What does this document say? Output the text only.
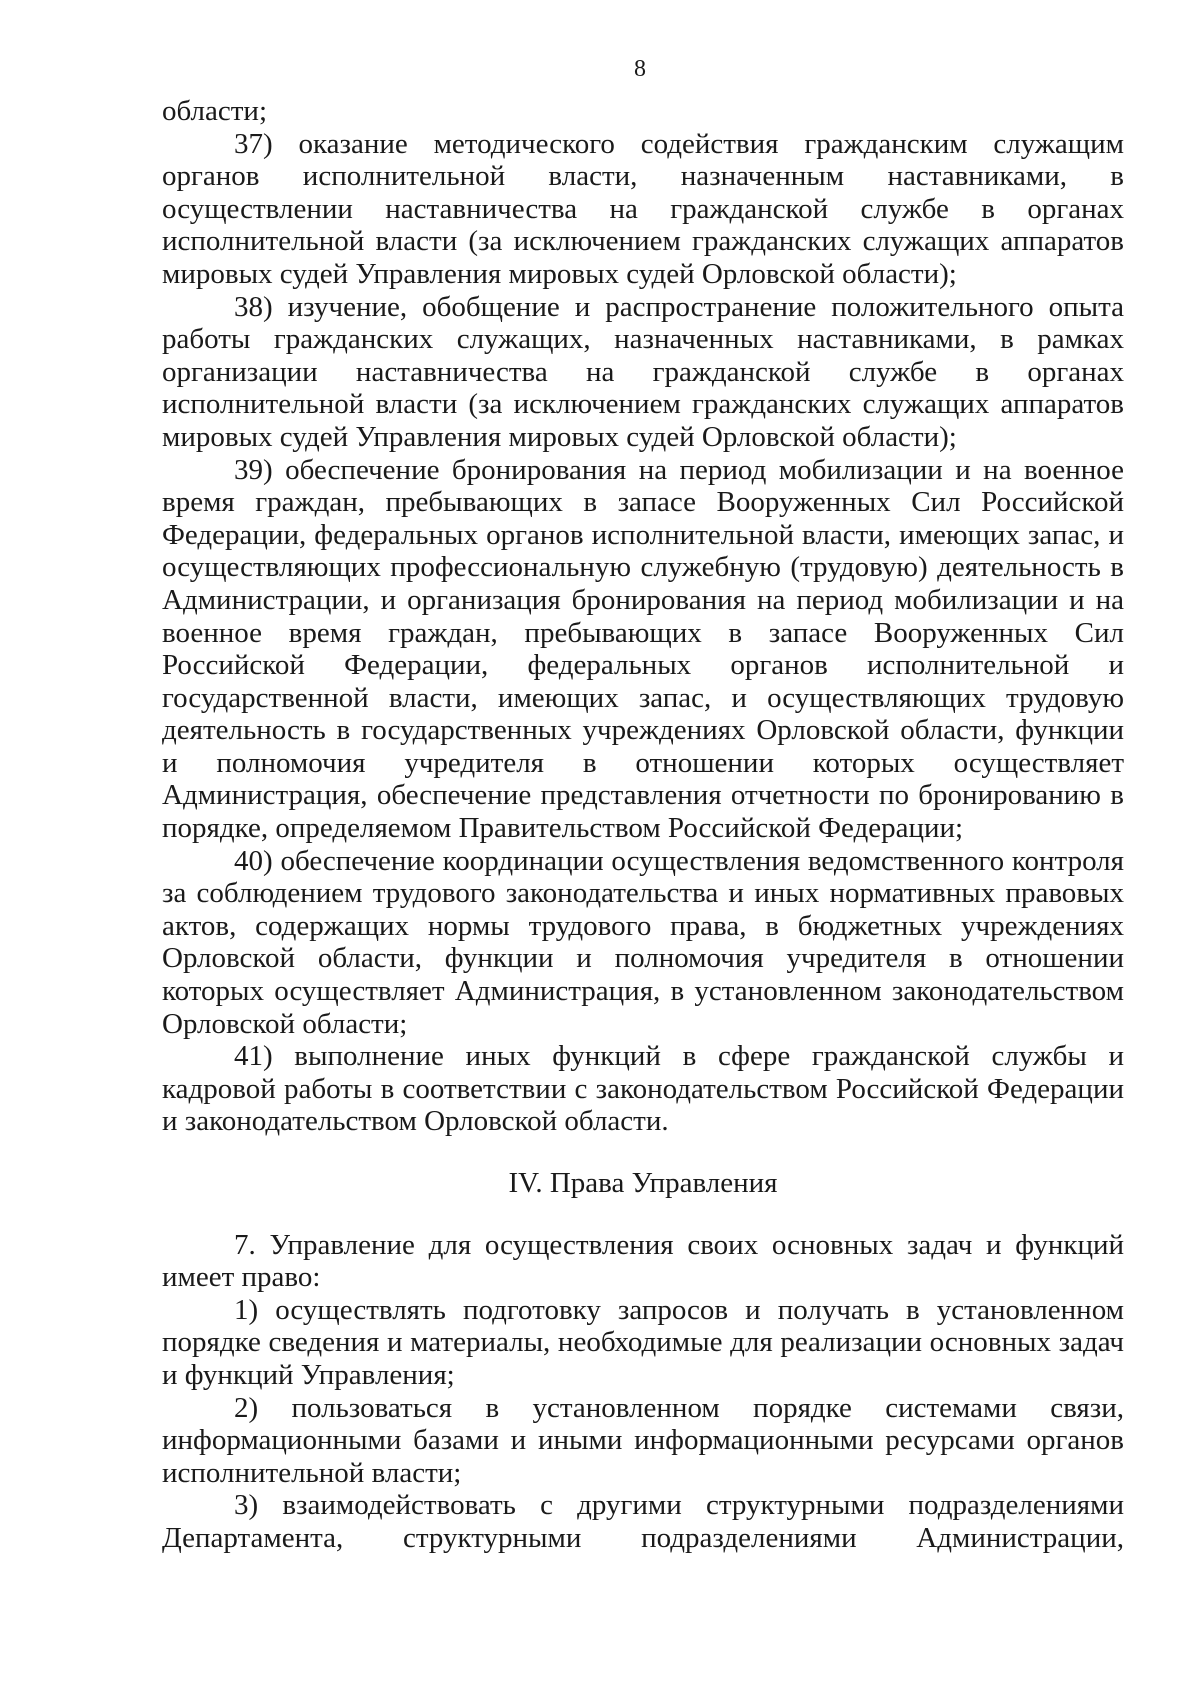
8

области;

37) оказание методического содействия гражданским служащим органов исполнительной власти, назначенным наставниками, в осуществлении наставничества на гражданской службе в органах исполнительной власти (за исключением гражданских служащих аппаратов мировых судей Управления мировых судей Орловской области);

38) изучение, обобщение и распространение положительного опыта работы гражданских служащих, назначенных наставниками, в рамках организации наставничества на гражданской службе в органах исполнительной власти (за исключением гражданских служащих аппаратов мировых судей Управления мировых судей Орловской области);

39) обеспечение бронирования на период мобилизации и на военное время граждан, пребывающих в запасе Вооруженных Сил Российской Федерации, федеральных органов исполнительной власти, имеющих запас, и осуществляющих профессиональную служебную (трудовую) деятельность в Администрации, и организация бронирования на период мобилизации и на военное время граждан, пребывающих в запасе Вооруженных Сил Российской Федерации, федеральных органов исполнительной и государственной власти, имеющих запас, и осуществляющих трудовую деятельность в государственных учреждениях Орловской области, функции и полномочия учредителя в отношении которых осуществляет Администрация, обеспечение представления отчетности по бронированию в порядке, определяемом Правительством Российской Федерации;

40) обеспечение координации осуществления ведомственного контроля за соблюдением трудового законодательства и иных нормативных правовых актов, содержащих нормы трудового права, в бюджетных учреждениях Орловской области, функции и полномочия учредителя в отношении которых осуществляет Администрация, в установленном законодательством Орловской области;

41) выполнение иных функций в сфере гражданской службы и кадровой работы в соответствии с законодательством Российской Федерации и законодательством Орловской области.

IV. Права Управления

7. Управление для осуществления своих основных задач и функций имеет право:

1) осуществлять подготовку запросов и получать в установленном порядке сведения и материалы, необходимые для реализации основных задач и функций Управления;

2) пользоваться в установленном порядке системами связи, информационными базами и иными информационными ресурсами органов исполнительной власти;

3) взаимодействовать с другими структурными подразделениями Департамента, структурными подразделениями Администрации,
